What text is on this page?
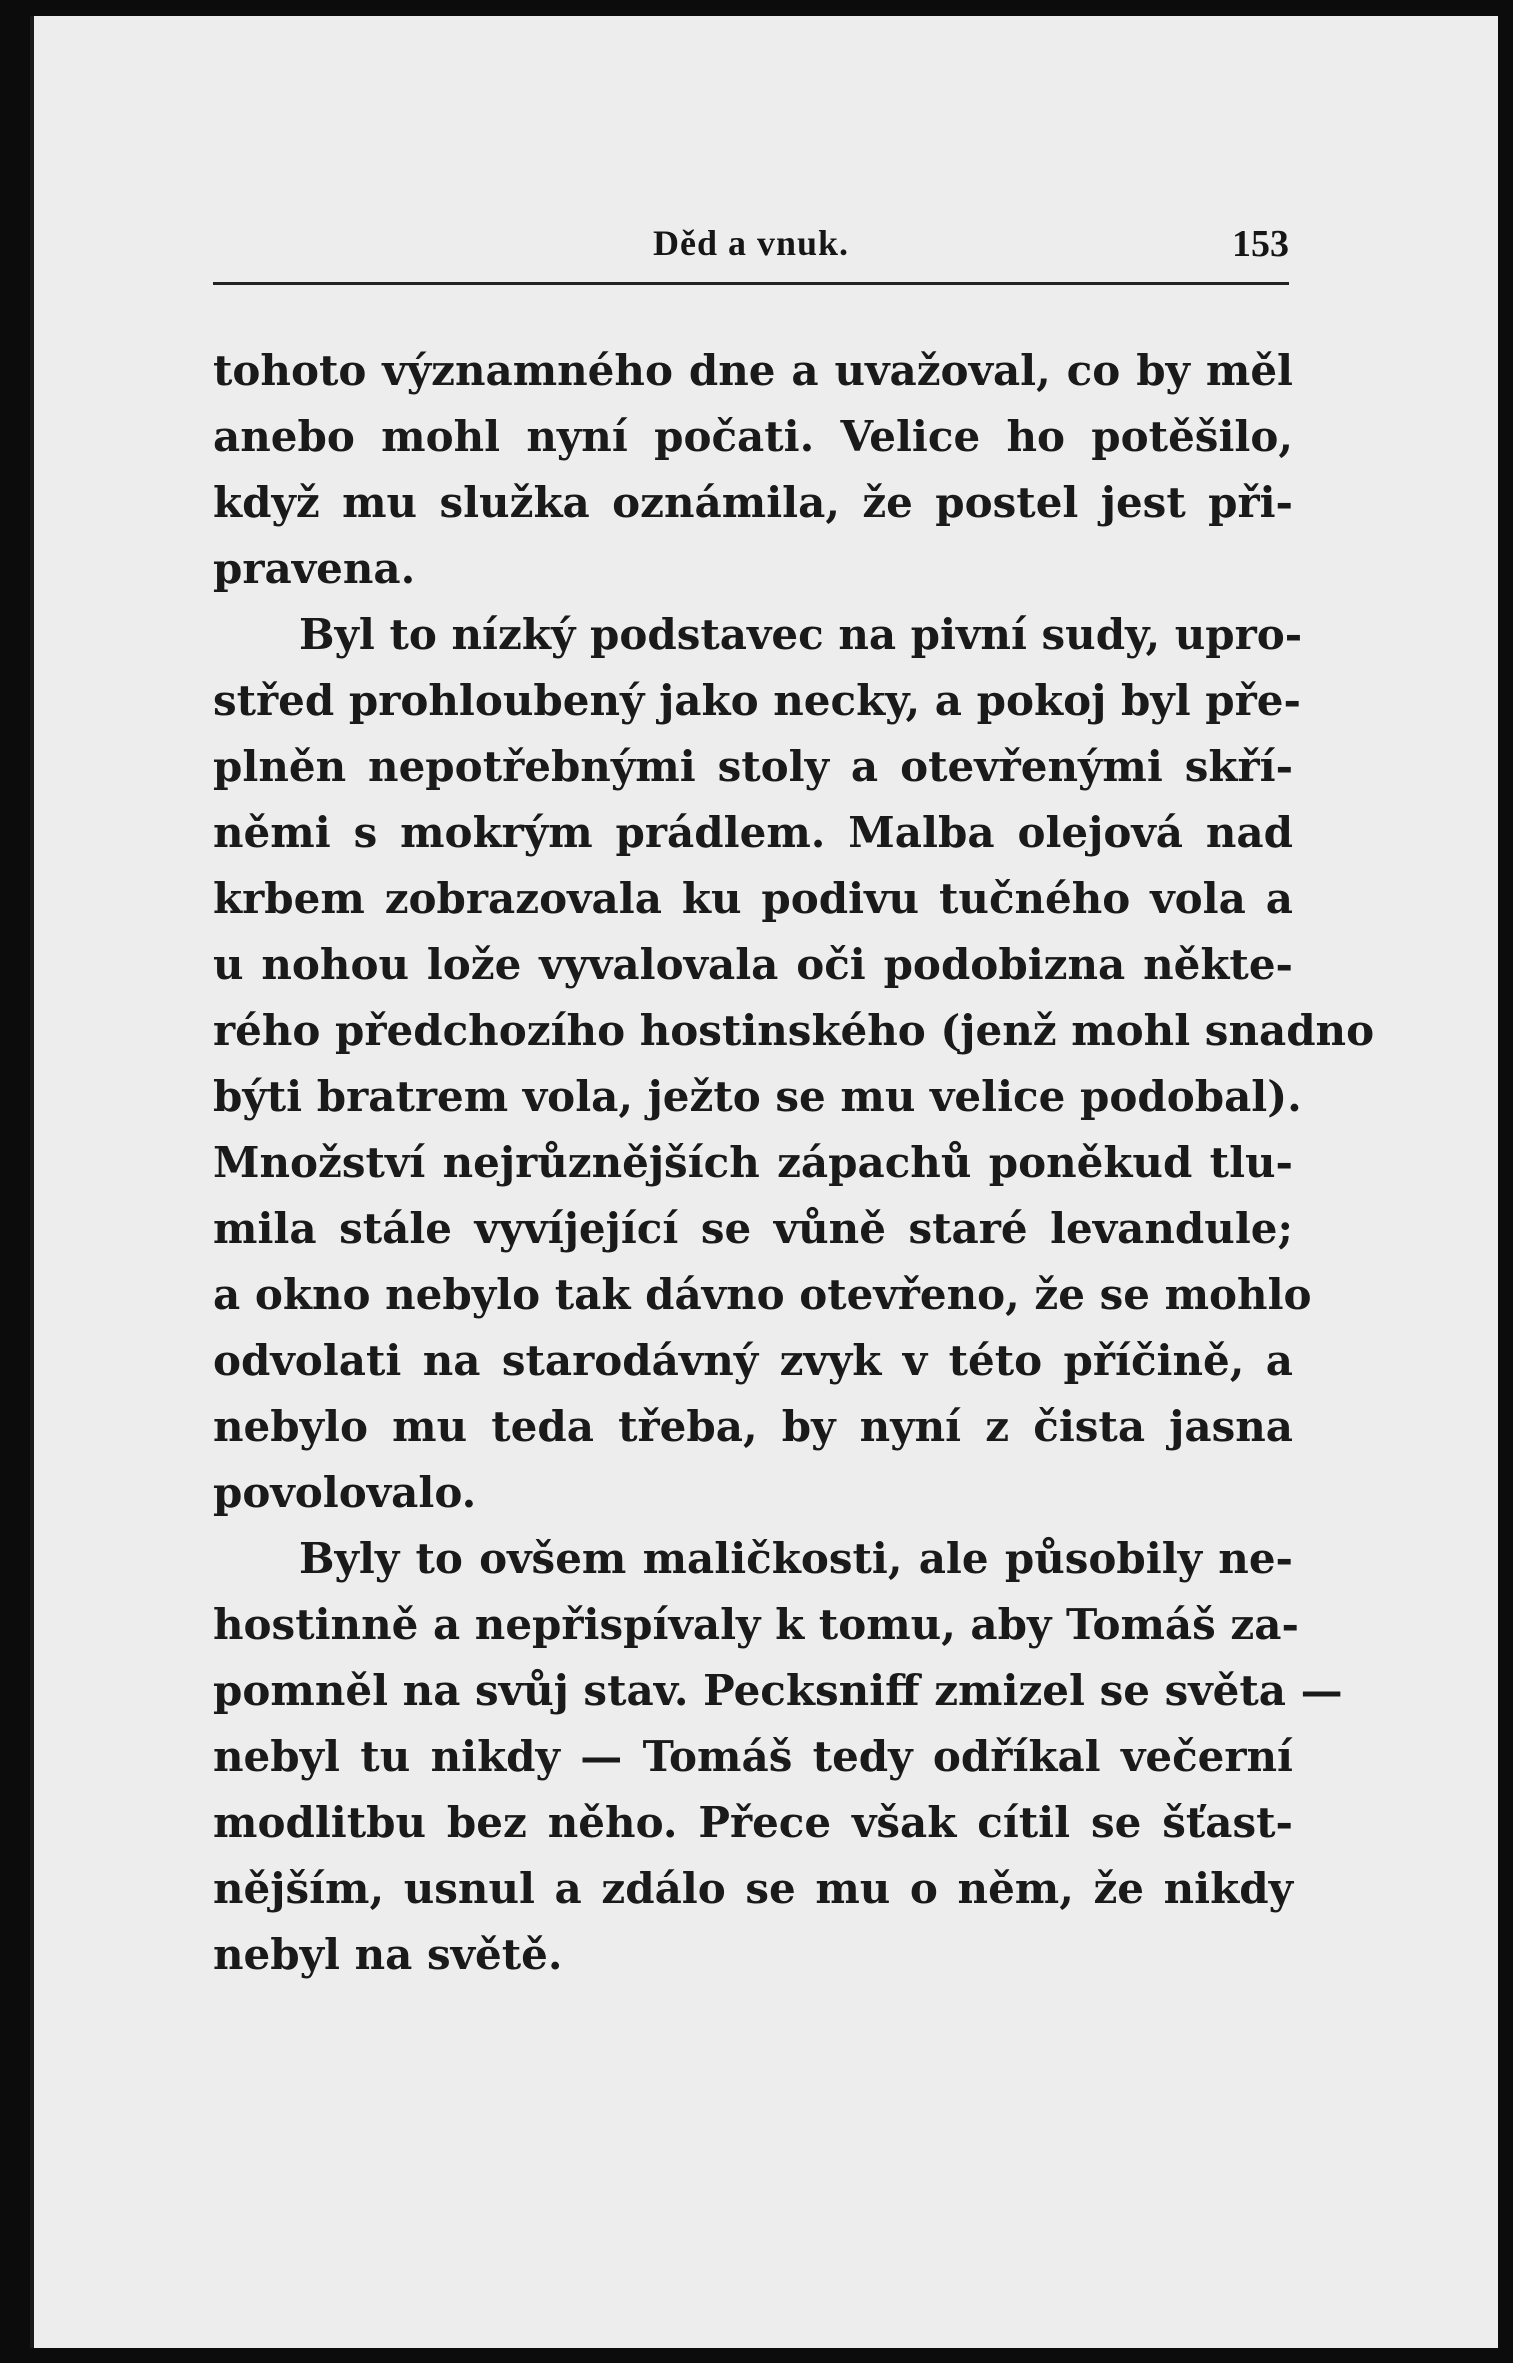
Děd a vnuk.	153
tohoto významného dne a uvažoval, co by měl
anebo mohl nyní počati. Velice ho potěšilo,
když mu služka oznámila, že postel jest při-
pravena.
Byl to nízký podstavec na pivní sudy, upro-
střed prohloubený jako necky, a pokoj byl pře-
plněn nepotřebnými stoly a otevřenými skří-
němi s mokrým prádlem. Malba olejová nad
krbem zobrazovala ku podivu tučného vola a
u nohou lože vyvalovala oči podobizna někte-
rého předchozího hostinského (jenž mohl snadno
býti bratrem vola, ježto se mu velice podobal).
Množství nejrůznějších zápachů poněkud tlu-
mila stále vyvíjející se vůně staré levandule;
a okno nebylo tak dávno otevřeno, že se mohlo
odvolati na starodávný zvyk v této příčině, a
nebylo mu teda třeba, by nyní z čista jasna
povolovalo.
Byly to ovšem maličkosti, ale působily ne-
hostinně a nepřispívaly k tomu, aby Tomáš za-
pomněl na svůj stav. Pecksniff zmizel se světa —
nebyl tu nikdy — Tomáš tedy odříkal večerní
modlitbu bez něho. Přece však cítil se šťast-
nějším, usnul a zdálo se mu o něm, že nikdy
nebyl na světě.
